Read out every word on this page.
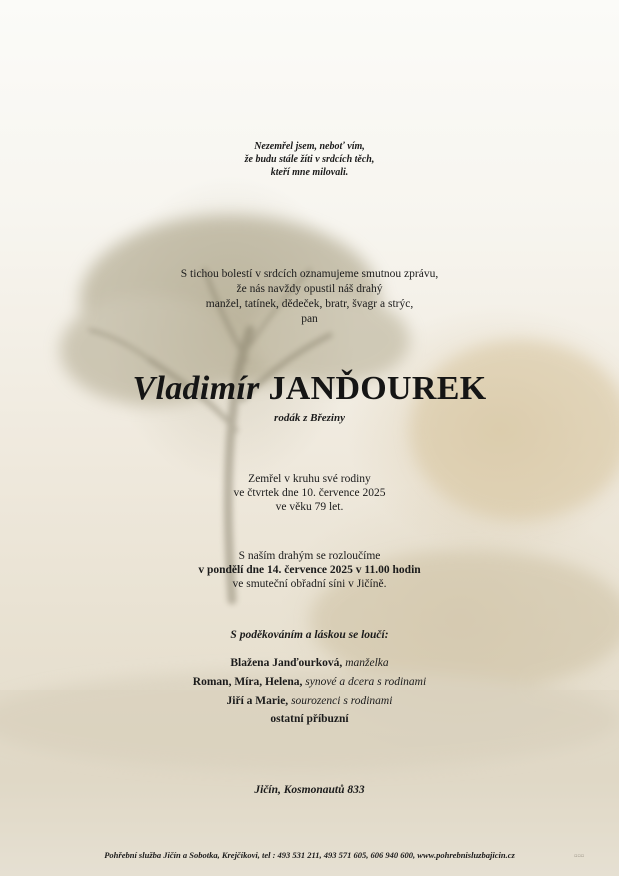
Nezemřel jsem, neboť vím,
že budu stále žíti v srdcích těch,
kteří mne milovali.
S tichou bolestí v srdcích oznamujeme smutnou zprávu,
že nás navždy opustil náš drahý
manžel, tatínek, dědeček, bratr, švagr a strýc,
pan
Vladimír JANĎOUREK
rodák z Březiny
Zemřel v kruhu své rodiny
ve čtvrtek dne 10. července 2025
ve věku 79 let.
S naším drahým se rozloučíme
v pondělí dne 14. července 2025 v 11.00 hodin
ve smuteční obřadní síni v Jičíně.
S poděkováním a láskou se loučí:
Blažena Janďourková, manželka
Roman, Míra, Helena, synové a dcera s rodinami
Jiří a Marie, sourozenci s rodinami
ostatní příbuzní
Jičín, Kosmonautů 833
Pohřební služba Jičín a Sobotka, Krejčíkovi, tel : 493 531 211, 493 571 605, 606 940 600, www.pohrebnisluzbajicin.cz	▫▫▫
